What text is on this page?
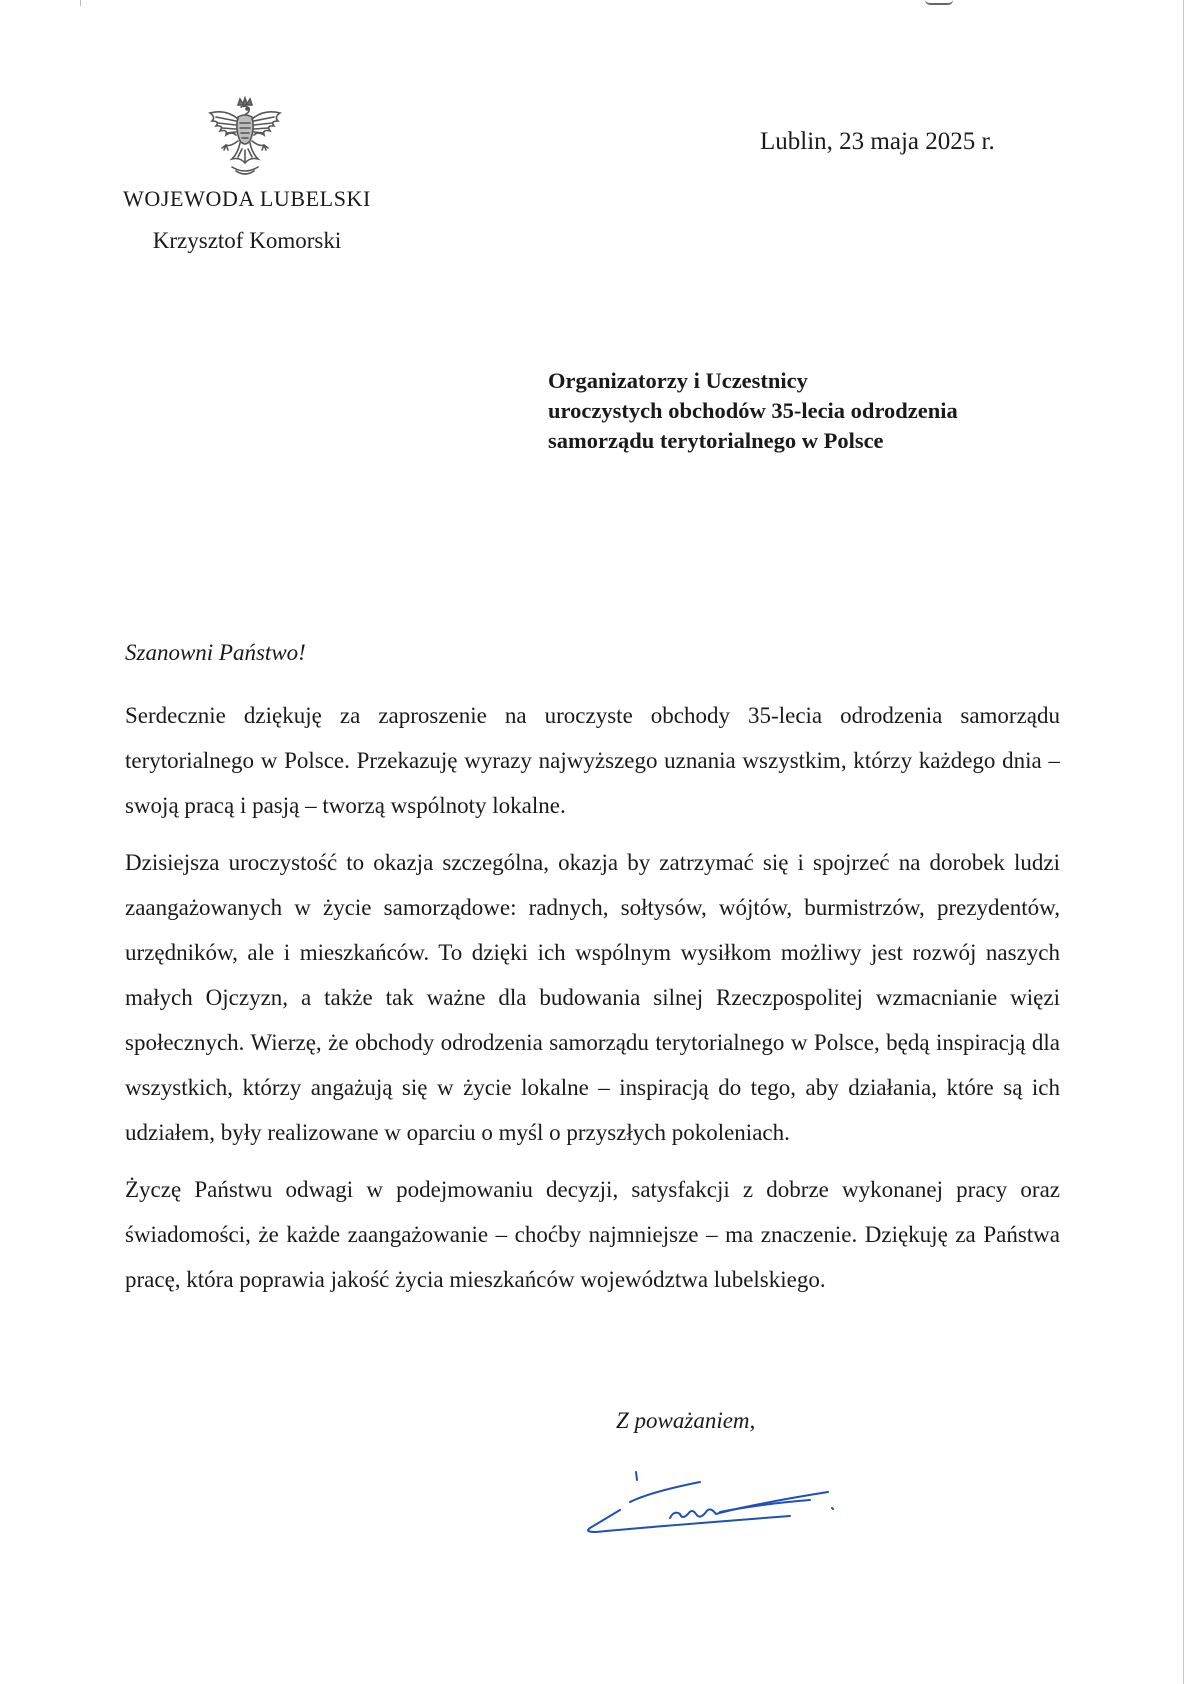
WOJEWODA LUBELSKI
Krzysztof Komorski
Lublin, 23 maja 2025 r.
Organizatorzy i Uczestnicy
uroczystych obchodów 35-lecia odrodzenia
samorządu terytorialnego w Polsce
Szanowni Państwo!

Serdecznie dziękuję za zaproszenie na uroczyste obchody 35-lecia odrodzenia samorządu terytorialnego w Polsce. Przekazuję wyrazy najwyższego uznania wszystkim, którzy każdego dnia – swoją pracą i pasją – tworzą wspólnoty lokalne.

Dzisiejsza uroczystość to okazja szczególna, okazja by zatrzymać się i spojrzeć na dorobek ludzi zaangażowanych w życie samorządowe: radnych, sołtysów, wójtów, burmistrzów, prezydentów, urzędników, ale i mieszkańców. To dzięki ich wspólnym wysiłkom możliwy jest rozwój naszych małych Ojczyzn, a także tak ważne dla budowania silnej Rzeczpospolitej wzmacnianie więzi społecznych. Wierzę, że obchody odrodzenia samorządu terytorialnego w Polsce, będą inspiracją dla wszystkich, którzy angażują się w życie lokalne – inspiracją do tego, aby działania, które są ich udziałem, były realizowane w oparciu o myśl o przyszłych pokoleniach.

Życzę Państwu odwagi w podejmowaniu decyzji, satysfakcji z dobrze wykonanej pracy oraz świadomości, że każde zaangażowanie – choćby najmniejsze – ma znaczenie. Dziękuję za Państwa pracę, która poprawia jakość życia mieszkańców województwa lubelskiego.

Z poważaniem,
